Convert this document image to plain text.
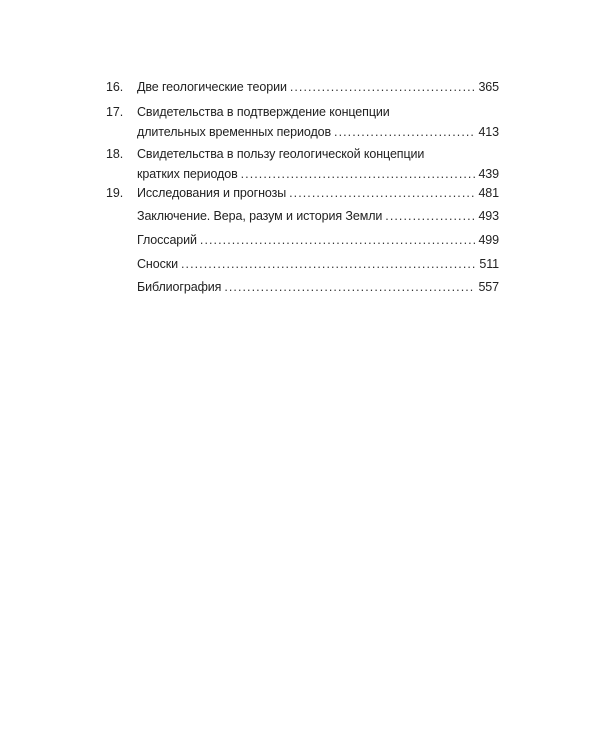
16.	Две геологические теории . . .	365
17.	Свидетельства в подтверждение концепции
длительных временных периодов . . .	413
18.	Свидетельства в пользу геологической концепции
кратких периодов . . .	439
19.	Исследования и прогнозы . . .	481
Заключение. Вера, разум и история Земли . . .	493
Глоссарий . . .	499
Сноски . . .	511
Библиография . . .	557
